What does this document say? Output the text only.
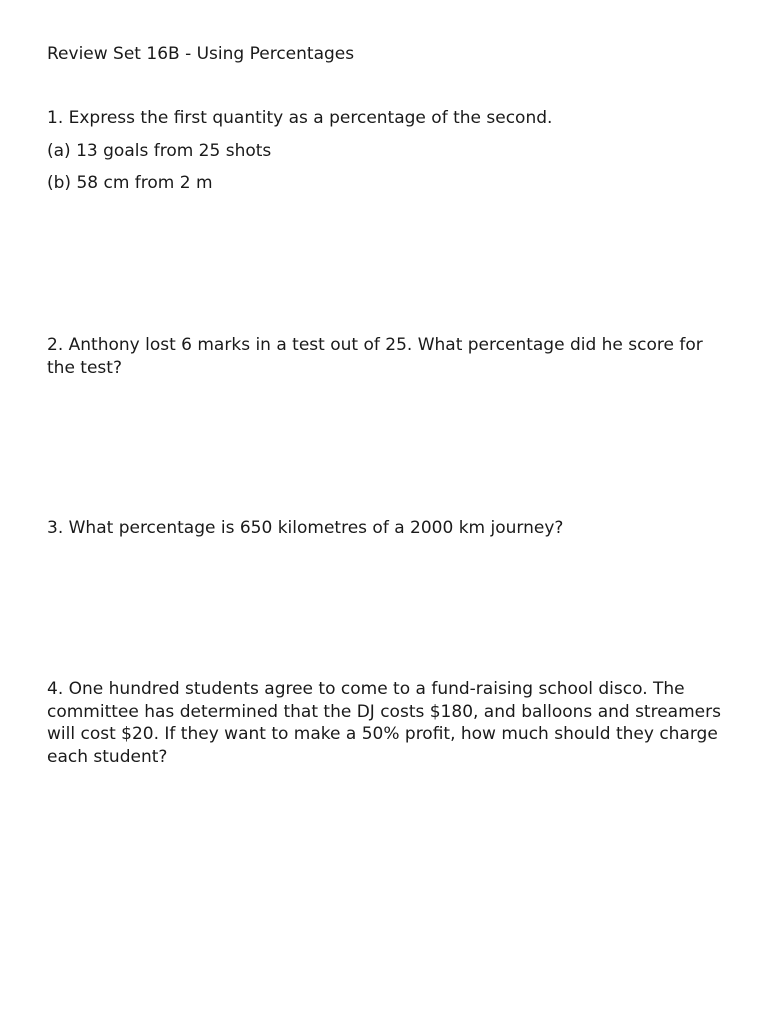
Review Set 16B - Using Percentages

1. Express the first quantity as a percentage of the second.

(a) 13 goals from 25 shots

(b) 58 cm from 2 m

2. Anthony lost 6 marks in a test out of 25. What percentage did he score for the test?

3. What percentage is 650 kilometres of a 2000 km journey?

4. One hundred students agree to come to a fund-raising school disco. The committee has determined that the DJ costs $180, and balloons and streamers will cost $20. If they want to make a 50% profit, how much should they charge each student?
